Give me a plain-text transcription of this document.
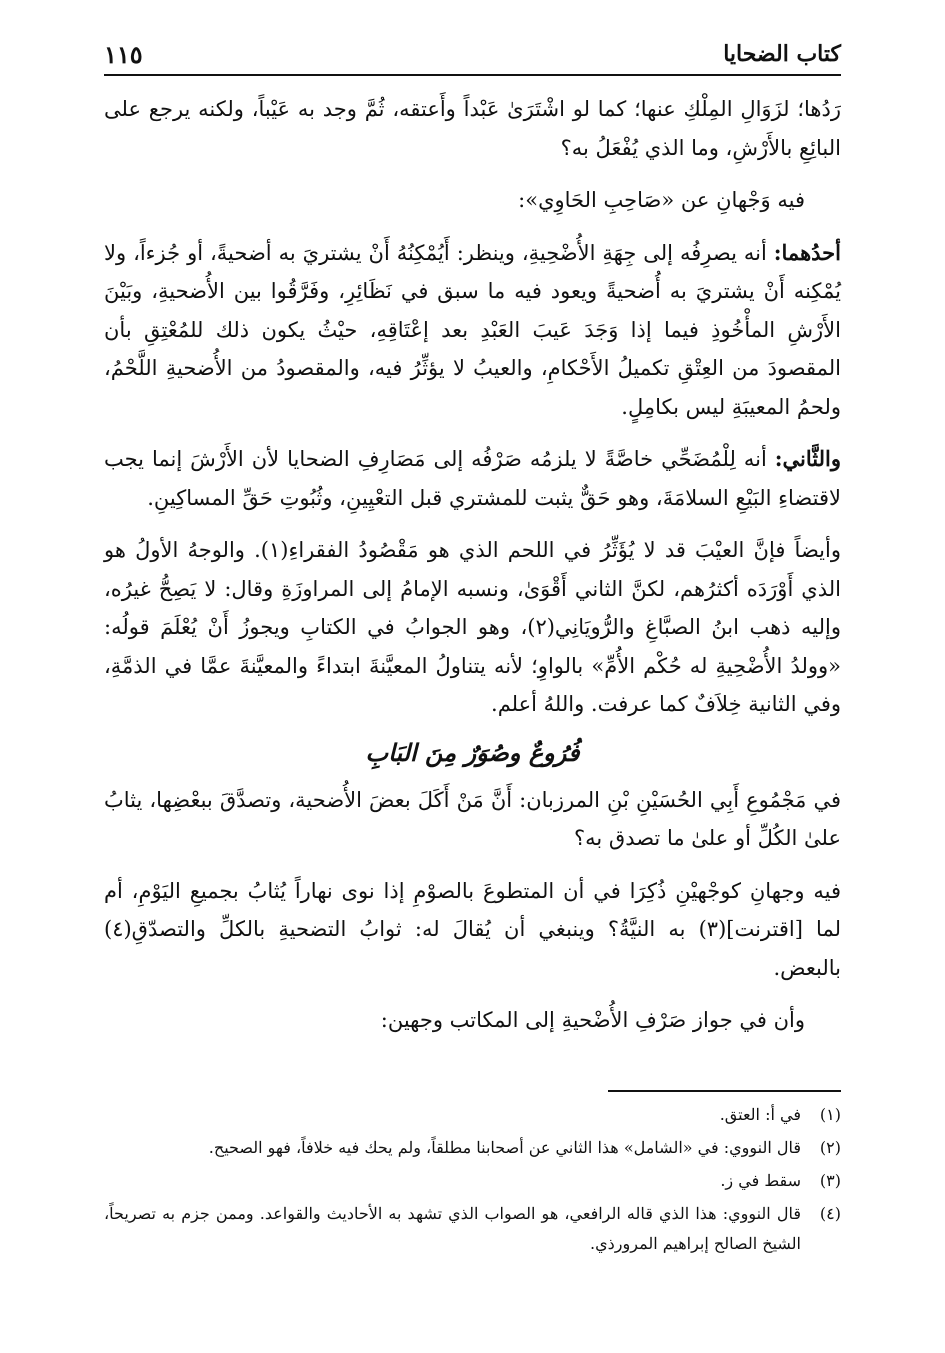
كتاب الضحايا
١١٥

رَدُها؛ لزَوَالِ المِلْكِ عنها؛ كما لو اشْتَرَىٰ عَبْداً وأَعتقه، ثُمَّ وجد به عَيْباً، ولكنه يرجع على البائِعِ بالأَرْشِ، وما الذي يُفْعَلُ به؟

فيه وَجْهانِ عن «صَاحِبِ الحَاوِي»:

أحدُهما: أنه يصرِفُه إلى جِهَةِ الأُضْحِيةِ، وينظر: أَيُمْكِنُهُ أَنْ يشتريَ به أضحيةً، أو جُزءاً، ولا يُمْكِنه أَنْ يشتريَ به أُضحيةً ويعود فيه ما سبق في نَظَائِرِ، وفَرَّقُوا بين الأُضحيةِ، وبَيْنَ الأَرْشِ المأْخُوذِ فيما إذا وَجَدَ عَيبَ العَبْدِ بعد إعْتَاقِهِ، حيْثُ يكون ذلك للمُعْتِقِ بأن المقصودَ من العِتْقِ تكميلُ الأَحْكامِ، والعيبُ لا يؤثِّرُ فيه، والمقصودُ من الأُضحيةِ اللَّحْمُ، ولحمُ المعيبَةِ ليس بكامِلٍ.

والثَّاني: أنه لِلْمُضَحِّي خاصَّةً لا يلزمُه صَرْفُه إلى مَصَارِفِ الضحايا لأن الأَرْشَ إنما يجب لاقتضاءِ البَيْعِ السلامَةَ، وهو حَقٌّ يثبت للمشتري قبل التعْيِينِ، وثُبُوتِ حَقِّ المساكِينِ.

وأيضاً فإنَّ العيْبَ قد لا يُؤَثِّرُ في اللحم الذي هو مَقْصُودُ الفقراءِ(١). والوجهُ الأولُ هو الذي أَوْرَدَه أكثرُهم، لكنَّ الثاني أَقْوَىٰ، ونسبه الإمامُ إلى المراوزَةِ وقال: لا يَصِحُّ غيرُه، وإليه ذهب ابنُ الصبَّاغِ والرُّويَانِي(٢)، وهو الجوابُ في الكتابِ ويجوزُ أَنْ يُعْلَمَ قولُه: «وولدُ الأُضْحِيةِ له حُكْم الأُمِّ» بالواوِ؛ لأنه يتناولُ المعيَّنةَ ابتداءً والمعيَّنةَ عمَّا في الذمَّةِ، وفي الثانية خِلاَفٌ كما عرفت. واللهُ أعلم.

فُرُوعٌ وصُوَرٌ مِنَ البَابِ

في مَجْمُوعِ أَبِي الحُسَيْنِ بْنِ المرزبان: أَنَّ مَنْ أَكَلَ بعضَ الأُضحية، وتصدَّقَ ببعْضِها، يثابُ علىٰ الكُلِّ أو علىٰ ما تصدق به؟

فيه وجهانِ كوجْهيْنِ ذُكِرَا في أن المتطوعَ بالصوْمِ إذا نوى نهاراً يُثابُ بجميعِ اليَوْمِ، أم لما [اقترنت](٣) به النيَّةُ؟ وينبغي أن يُقالَ له: ثوابُ التضحيةِ بالكلِّ والتصدّقِ(٤) بالبعض.

وأن في جواز صَرْفِ الأُضْحيةِ إلى المكاتب وجهين:

(١)
في أ: العتق.
(٢)
قال النووي: في «الشامل» هذا الثاني عن أصحابنا مطلقاً، ولم يحك فيه خلافاً، فهو الصحيح.
(٣)
سقط في ز.
(٤)
قال النووي: هذا الذي قاله الرافعي، هو الصواب الذي تشهد به الأحاديث والقواعد. وممن جزم به تصريحاً، الشيخ الصالح إبراهيم المرورذي.
